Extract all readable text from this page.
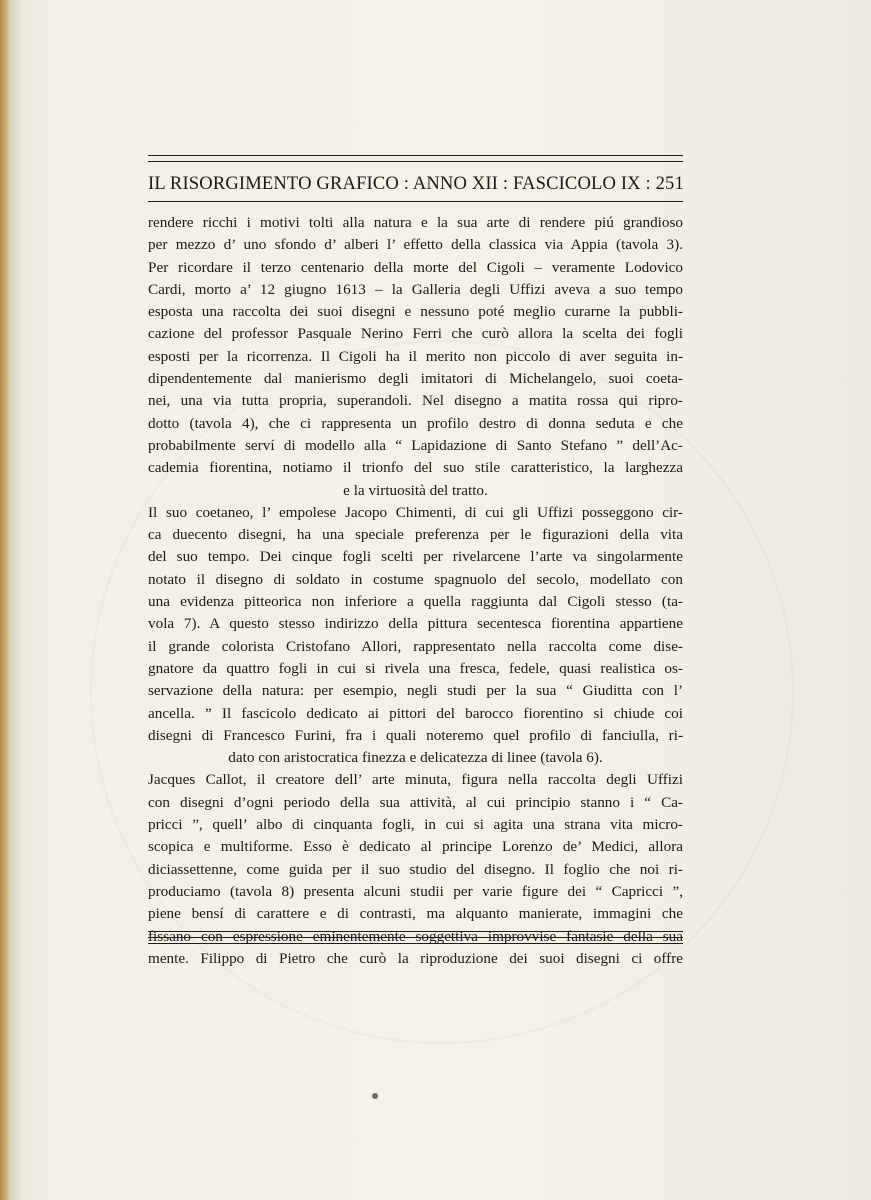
IL RISORGIMENTO GRAFICO : ANNO XII : FASCICOLO IX : 251
rendere ricchi i motivi tolti alla natura e la sua arte di rendere piú grandioso
per mezzo d’ uno sfondo d’ alberi l’ effetto della classica via Appia (tavola 3).
Per ricordare il terzo centenario della morte del Cigoli – veramente Lodovico
Cardi, morto a’ 12 giugno 1613 – la Galleria degli Uffizi aveva a suo tempo
esposta una raccolta dei suoi disegni e nessuno poté meglio curarne la pubbli-
cazione del professor Pasquale Nerino Ferri che curò allora la scelta dei fogli
esposti per la ricorrenza. Il Cigoli ha il merito non piccolo di aver seguita in-
dipendentemente dal manierismo degli imitatori di Michelangelo, suoi coeta-
nei, una via tutta propria, superandoli. Nel disegno a matita rossa qui ripro-
dotto (tavola 4), che ci rappresenta un profilo destro di donna seduta e che
probabilmente serví di modello alla “ Lapidazione di Santo Stefano ” dell’Ac-
cademia fiorentina, notiamo il trionfo del suo stile caratteristico, la larghezza
e la virtuosità del tratto.
Il suo coetaneo, l’ empolese Jacopo Chimenti, di cui gli Uffizi posseggono cir-
ca duecento disegni, ha una speciale preferenza per le figurazioni della vita
del suo tempo. Dei cinque fogli scelti per rivelarcene l’arte va singolarmente
notato il disegno di soldato in costume spagnuolo del secolo, modellato con
una evidenza pitteorica non inferiore a quella raggiunta dal Cigoli stesso (ta-
vola 7). A questo stesso indirizzo della pittura secentesca fiorentina appartiene
il grande colorista Cristofano Allori, rappresentato nella raccolta come dise-
gnatore da quattro fogli in cui si rivela una fresca, fedele, quasi realistica os-
servazione della natura: per esempio, negli studi per la sua “ Giuditta con l’
ancella. ” Il fascicolo dedicato ai pittori del barocco fiorentino si chiude coi
disegni di Francesco Furini, fra i quali noteremo quel profilo di fanciulla, ri-
dato con aristocratica finezza e delicatezza di linee (tavola 6).
Jacques Callot, il creatore dell’ arte minuta, figura nella raccolta degli Uffizi
con disegni d’ogni periodo della sua attività, al cui principio stanno i “ Ca-
pricci ”, quell’ albo di cinquanta fogli, in cui si agita una strana vita micro-
scopica e multiforme. Esso è dedicato al principe Lorenzo de’ Medici, allora
diciassettenne, come guida per il suo studio del disegno. Il foglio che noi ri-
produciamo (tavola 8) presenta alcuni studii per varie figure dei “ Capricci ”,
piene bensí di carattere e di contrasti, ma alquanto manierate, immagini che
fissano con espressione eminentemente soggettiva improvvise fantasie della sua
mente. Filippo di Pietro che curò la riproduzione dei suoi disegni ci offre
